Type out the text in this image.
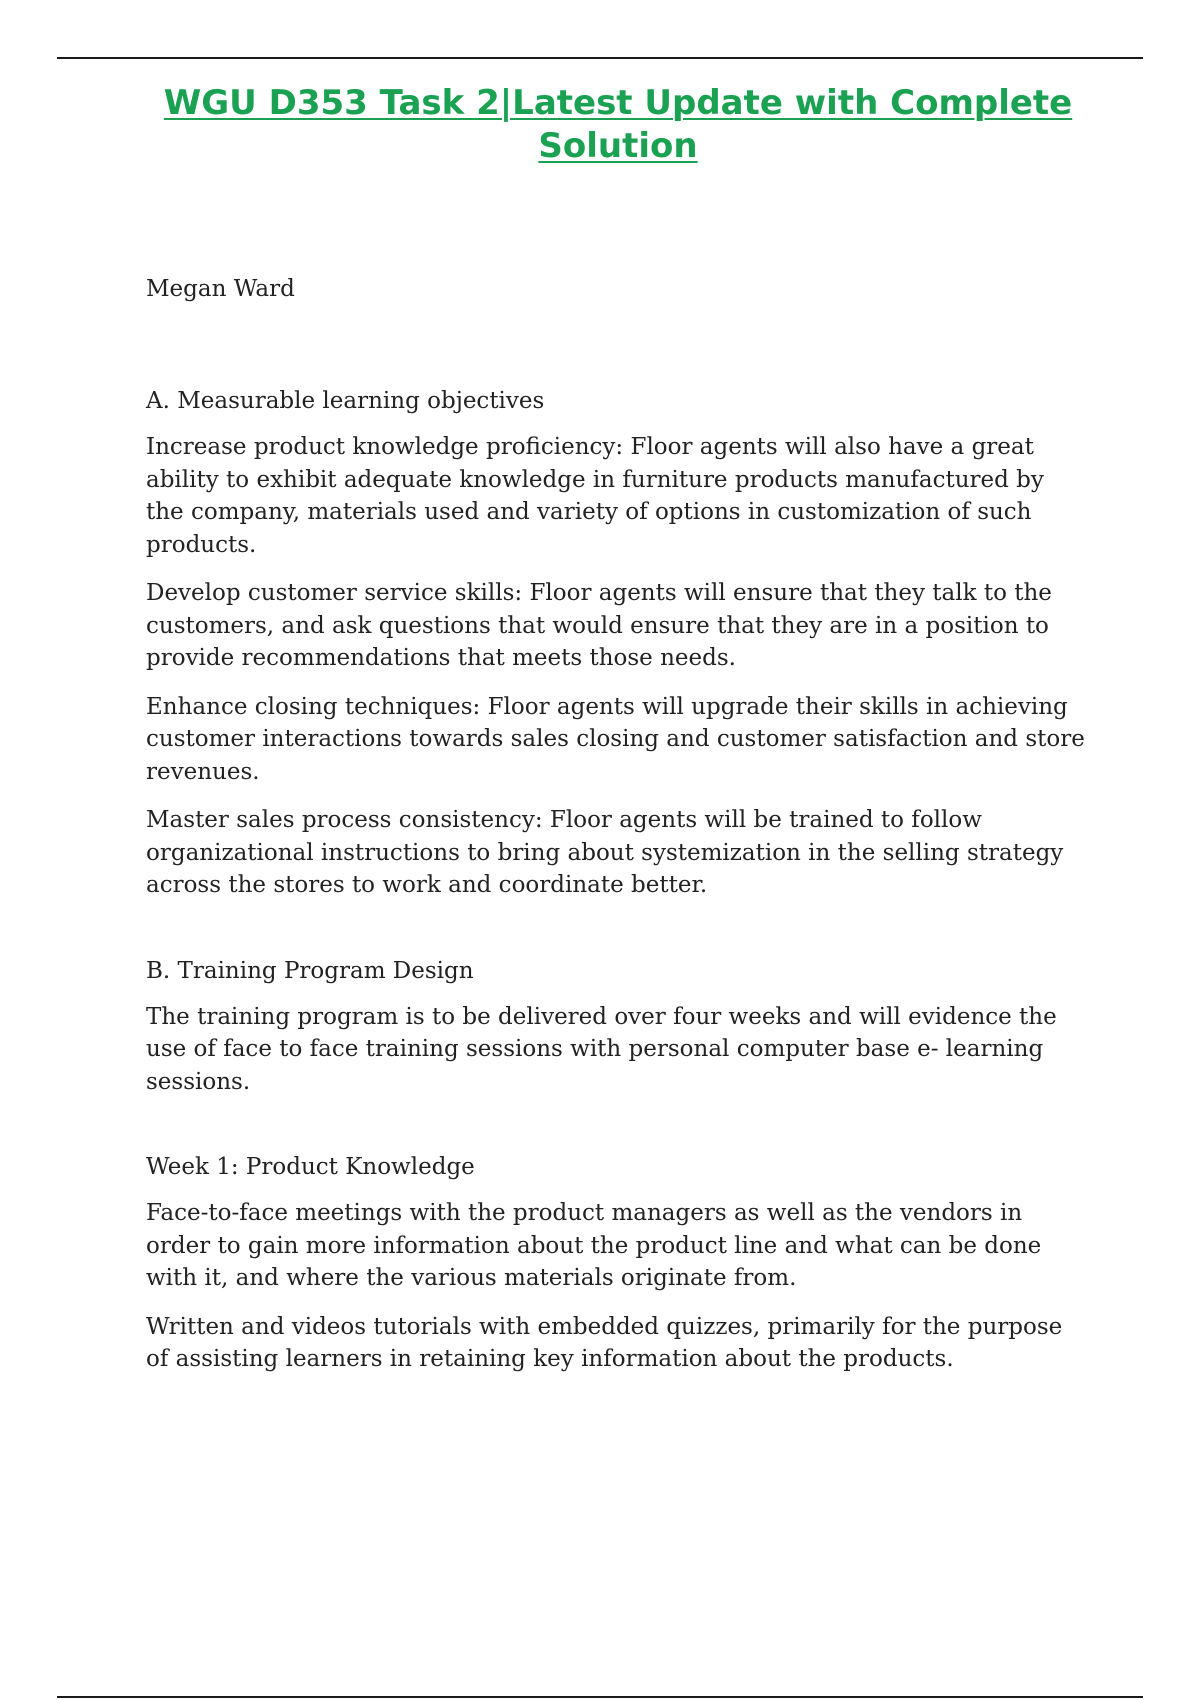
WGU D353 Task 2|Latest Update with Complete
Solution

Megan Ward

A. Measurable learning objectives

Increase product knowledge proficiency: Floor agents will also have a great ability to exhibit adequate knowledge in furniture products manufactured by the company, materials used and variety of options in customization of such products.

Develop customer service skills: Floor agents will ensure that they talk to the customers, and ask questions that would ensure that they are in a position to provide recommendations that meets those needs.

Enhance closing techniques: Floor agents will upgrade their skills in achieving customer interactions towards sales closing and customer satisfaction and store revenues.

Master sales process consistency: Floor agents will be trained to follow organizational instructions to bring about systemization in the selling strategy across the stores to work and coordinate better.

B. Training Program Design

The training program is to be delivered over four weeks and will evidence the use of face to face training sessions with personal computer base e- learning sessions.

Week 1: Product Knowledge

Face-to-face meetings with the product managers as well as the vendors in order to gain more information about the product line and what can be done with it, and where the various materials originate from.

Written and videos tutorials with embedded quizzes, primarily for the purpose of assisting learners in retaining key information about the products.
